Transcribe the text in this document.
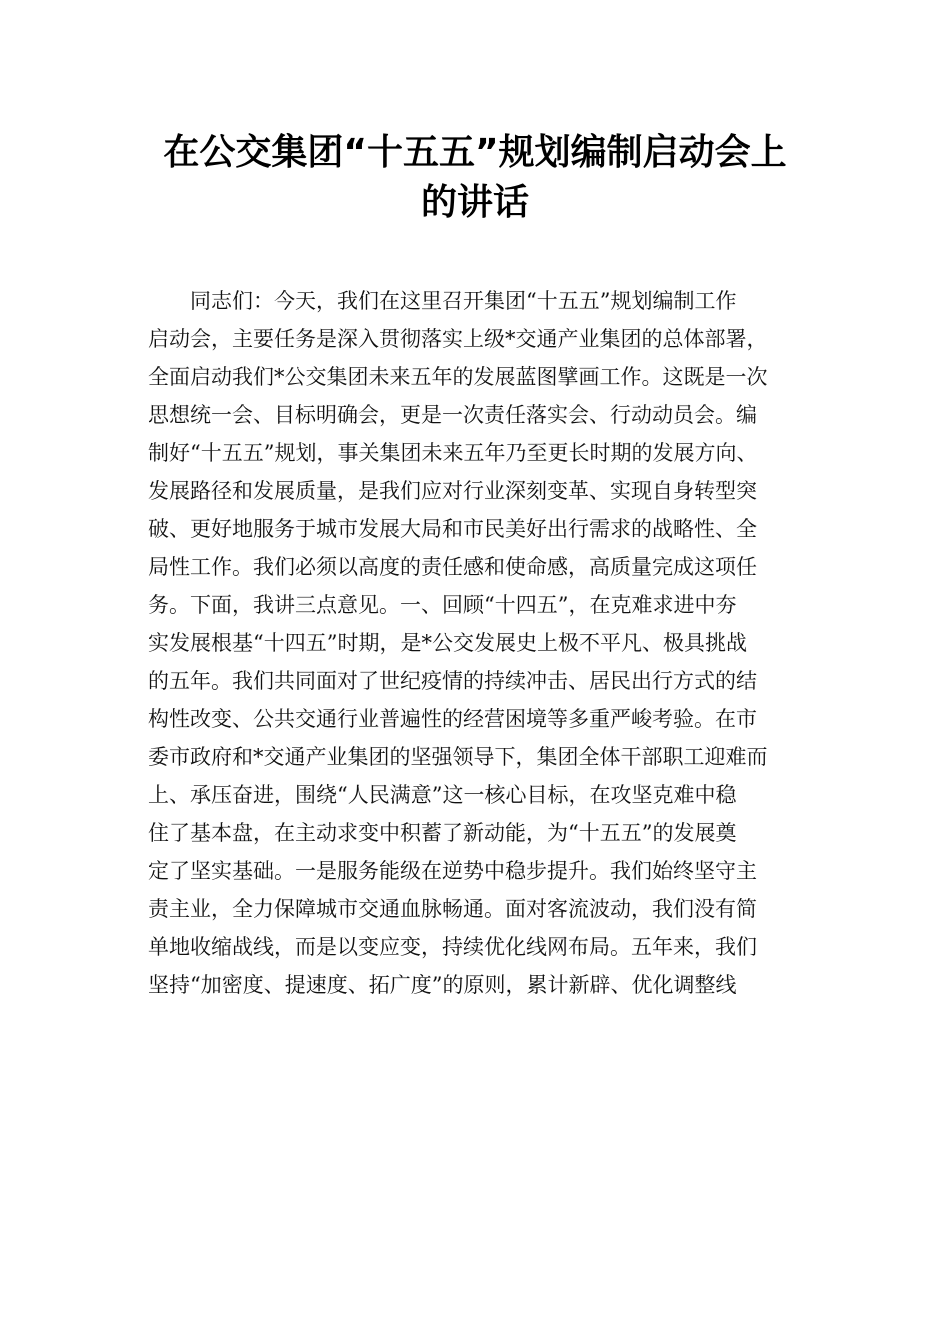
在公交集团“十五五”规划编制启动会上
的讲话
同志们：今天，我们在这里召开集团“十五五”规划编制工作
启动会，主要任务是深入贯彻落实上级*交通产业集团的总体部署，
全面启动我们*公交集团未来五年的发展蓝图擘画工作。这既是一次
思想统一会、目标明确会，更是一次责任落实会、行动动员会。编
制好“十五五”规划，事关集团未来五年乃至更长时期的发展方向、
发展路径和发展质量，是我们应对行业深刻变革、实现自身转型突
破、更好地服务于城市发展大局和市民美好出行需求的战略性、全
局性工作。我们必须以高度的责任感和使命感，高质量完成这项任
务。下面，我讲三点意见。一、回顾“十四五”，在克难求进中夯
实发展根基“十四五”时期，是*公交发展史上极不平凡、极具挑战
的五年。我们共同面对了世纪疫情的持续冲击、居民出行方式的结
构性改变、公共交通行业普遍性的经营困境等多重严峻考验。在市
委市政府和*交通产业集团的坚强领导下，集团全体干部职工迎难而
上、承压奋进，围绕“人民满意”这一核心目标，在攻坚克难中稳
住了基本盘，在主动求变中积蓄了新动能，为“十五五”的发展奠
定了坚实基础。一是服务能级在逆势中稳步提升。我们始终坚守主
责主业，全力保障城市交通血脉畅通。面对客流波动，我们没有简
单地收缩战线，而是以变应变，持续优化线网布局。五年来，我们
坚持“加密度、提速度、拓广度”的原则，累计新辟、优化调整线
